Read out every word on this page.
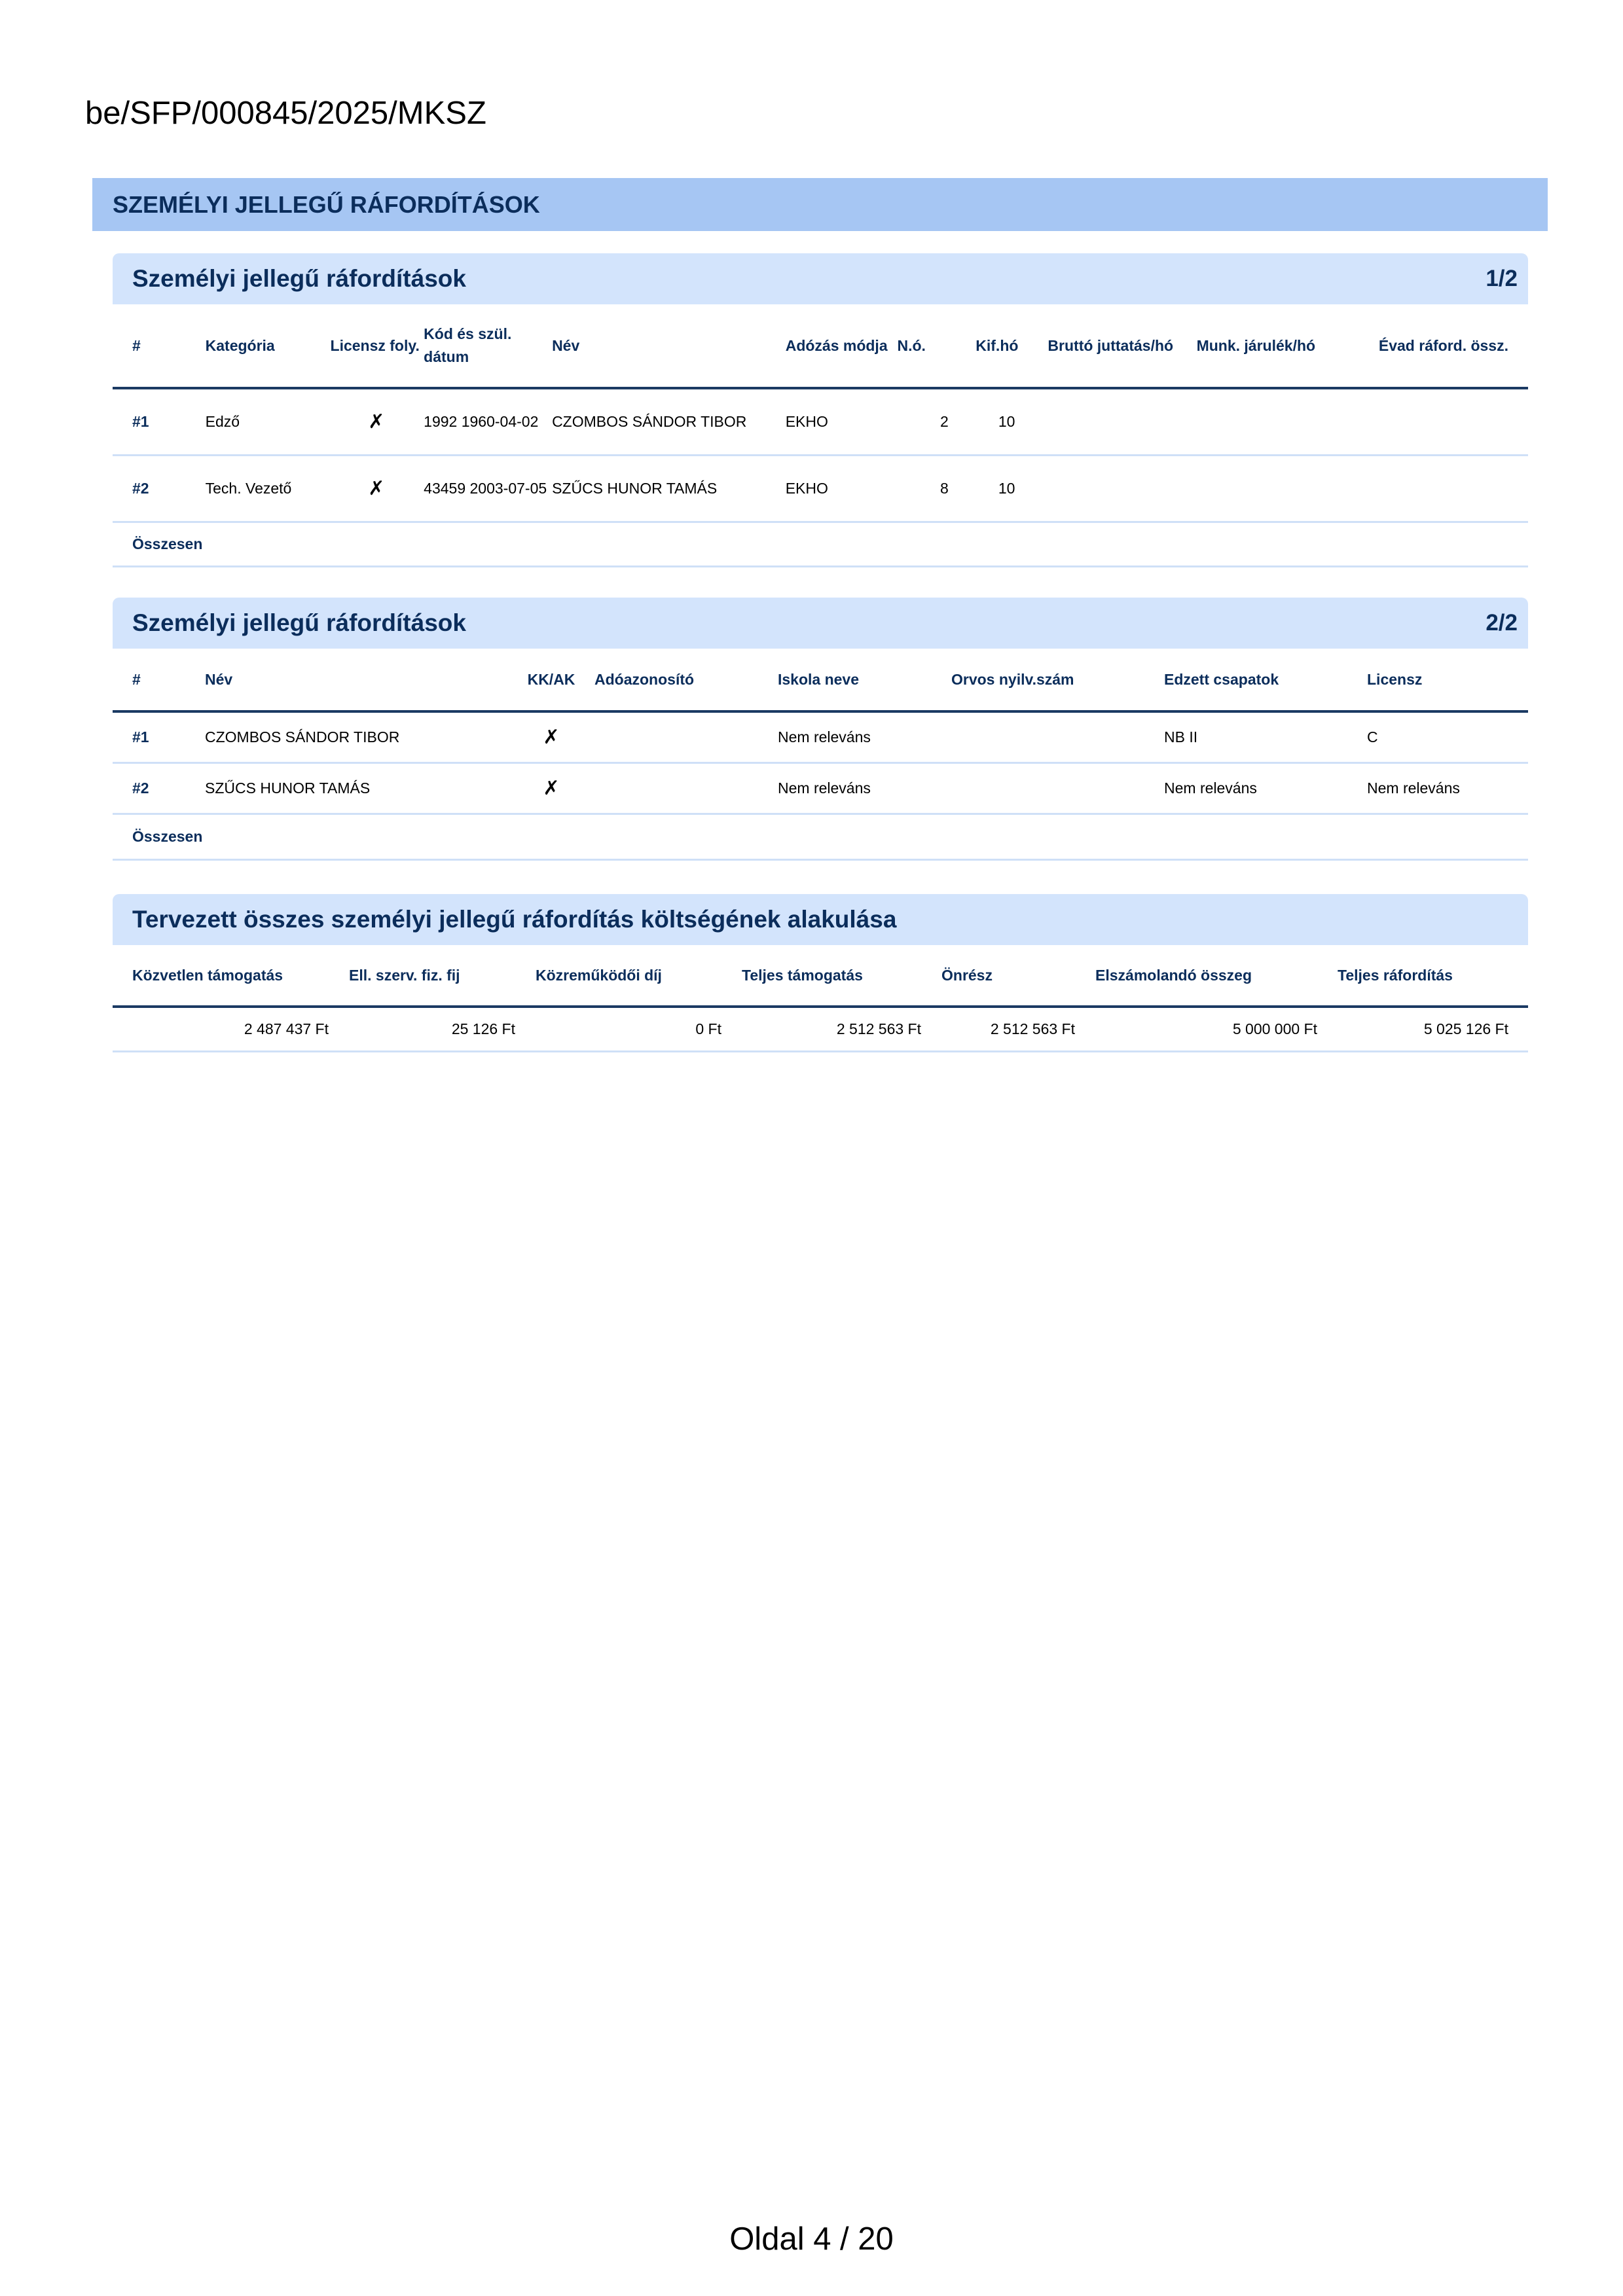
be/SFP/000845/2025/MKSZ
SZEMÉLYI JELLEGŰ RÁFORDÍTÁSOK
Személyi jellegű ráfordítások	1/2
#	Kategória	Licensz foly.	Kód és szül. dátum	Név	Adózás módja	N.ó.	Kif.hó	Bruttó juttatás/hó	Munk. járulék/hó	Évad ráford. össz.
#1	Edző	✗	1992 1960-04-02	CZOMBOS SÁNDOR TIBOR	EKHO	2	10			
#2	Tech. Vezető	✗	43459 2003-07-05	SZŰCS HUNOR TAMÁS	EKHO	8	10			
Összesen										
Személyi jellegű ráfordítások	2/2
#	Név	KK/AK	Adóazonosító	Iskola neve	Orvos nyilv.szám	Edzett csapatok	Licensz
#1	CZOMBOS SÁNDOR TIBOR	✗		Nem releváns		NB II	C
#2	SZŰCS HUNOR TAMÁS	✗		Nem releváns		Nem releváns	Nem releváns
Összesen							
Tervezett összes személyi jellegű ráfordítás költségének alakulása
Közvetlen támogatás	Ell. szerv. fiz. fij	Közreműködői díj	Teljes támogatás	Önrész	Elszámolandó összeg	Teljes ráfordítás
2 487 437 Ft	25 126 Ft	0 Ft	2 512 563 Ft	2 512 563 Ft	5 000 000 Ft	5 025 126 Ft
Oldal 4 / 20
